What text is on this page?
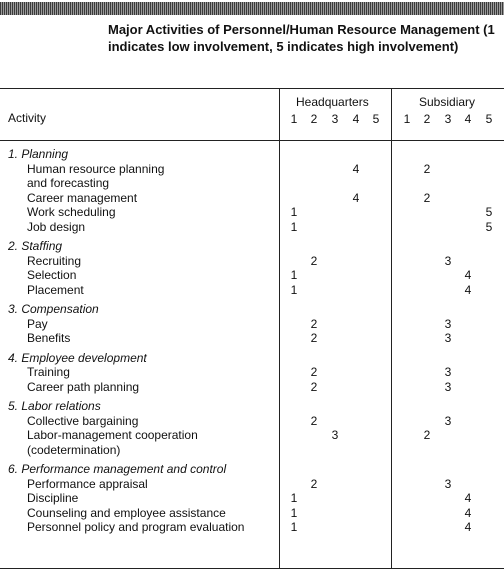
Major Activities of Personnel/Human Resource Management (1 indicates low involvement, 5 indicates high involvement)

Activity
Headquarters	Subsidiary
1	1
2	2
3	3
4	4
5	5
1. Planning
Human resource planning
and forecasting
4	2
Career management	4	2
Work scheduling	1	5
Job design	1	5
2. Staffing
Recruiting	2	3
Selection	1	4
Placement	1	4
3. Compensation
Pay	2	3
Benefits	2	3
4. Employee development
Training	2	3
Career path planning	2	3
5. Labor relations
Collective bargaining	2	3
Labor-management cooperation
(codetermination)
3	2
6. Performance management and control
Performance appraisal	2	3
Discipline	1	4
Counseling and employee assistance	1	4
Personnel policy and program evaluation	1	4
